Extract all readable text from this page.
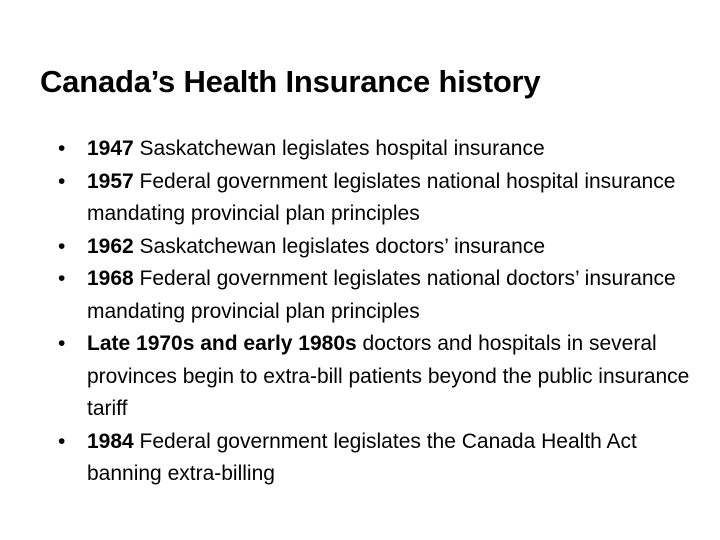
Canada’s Health Insurance history
•	1947 Saskatchewan legislates hospital insurance
•	1957 Federal government legislates national hospital insurance mandating provincial plan principles
•	1962 Saskatchewan legislates doctors’ insurance
•	1968 Federal government legislates national doctors’ insurance mandating provincial plan principles
•	Late 1970s and early 1980s doctors and hospitals in several provinces begin to extra-bill patients beyond the public insurance tariff
•	1984 Federal government legislates the Canada Health Act banning extra-billing
